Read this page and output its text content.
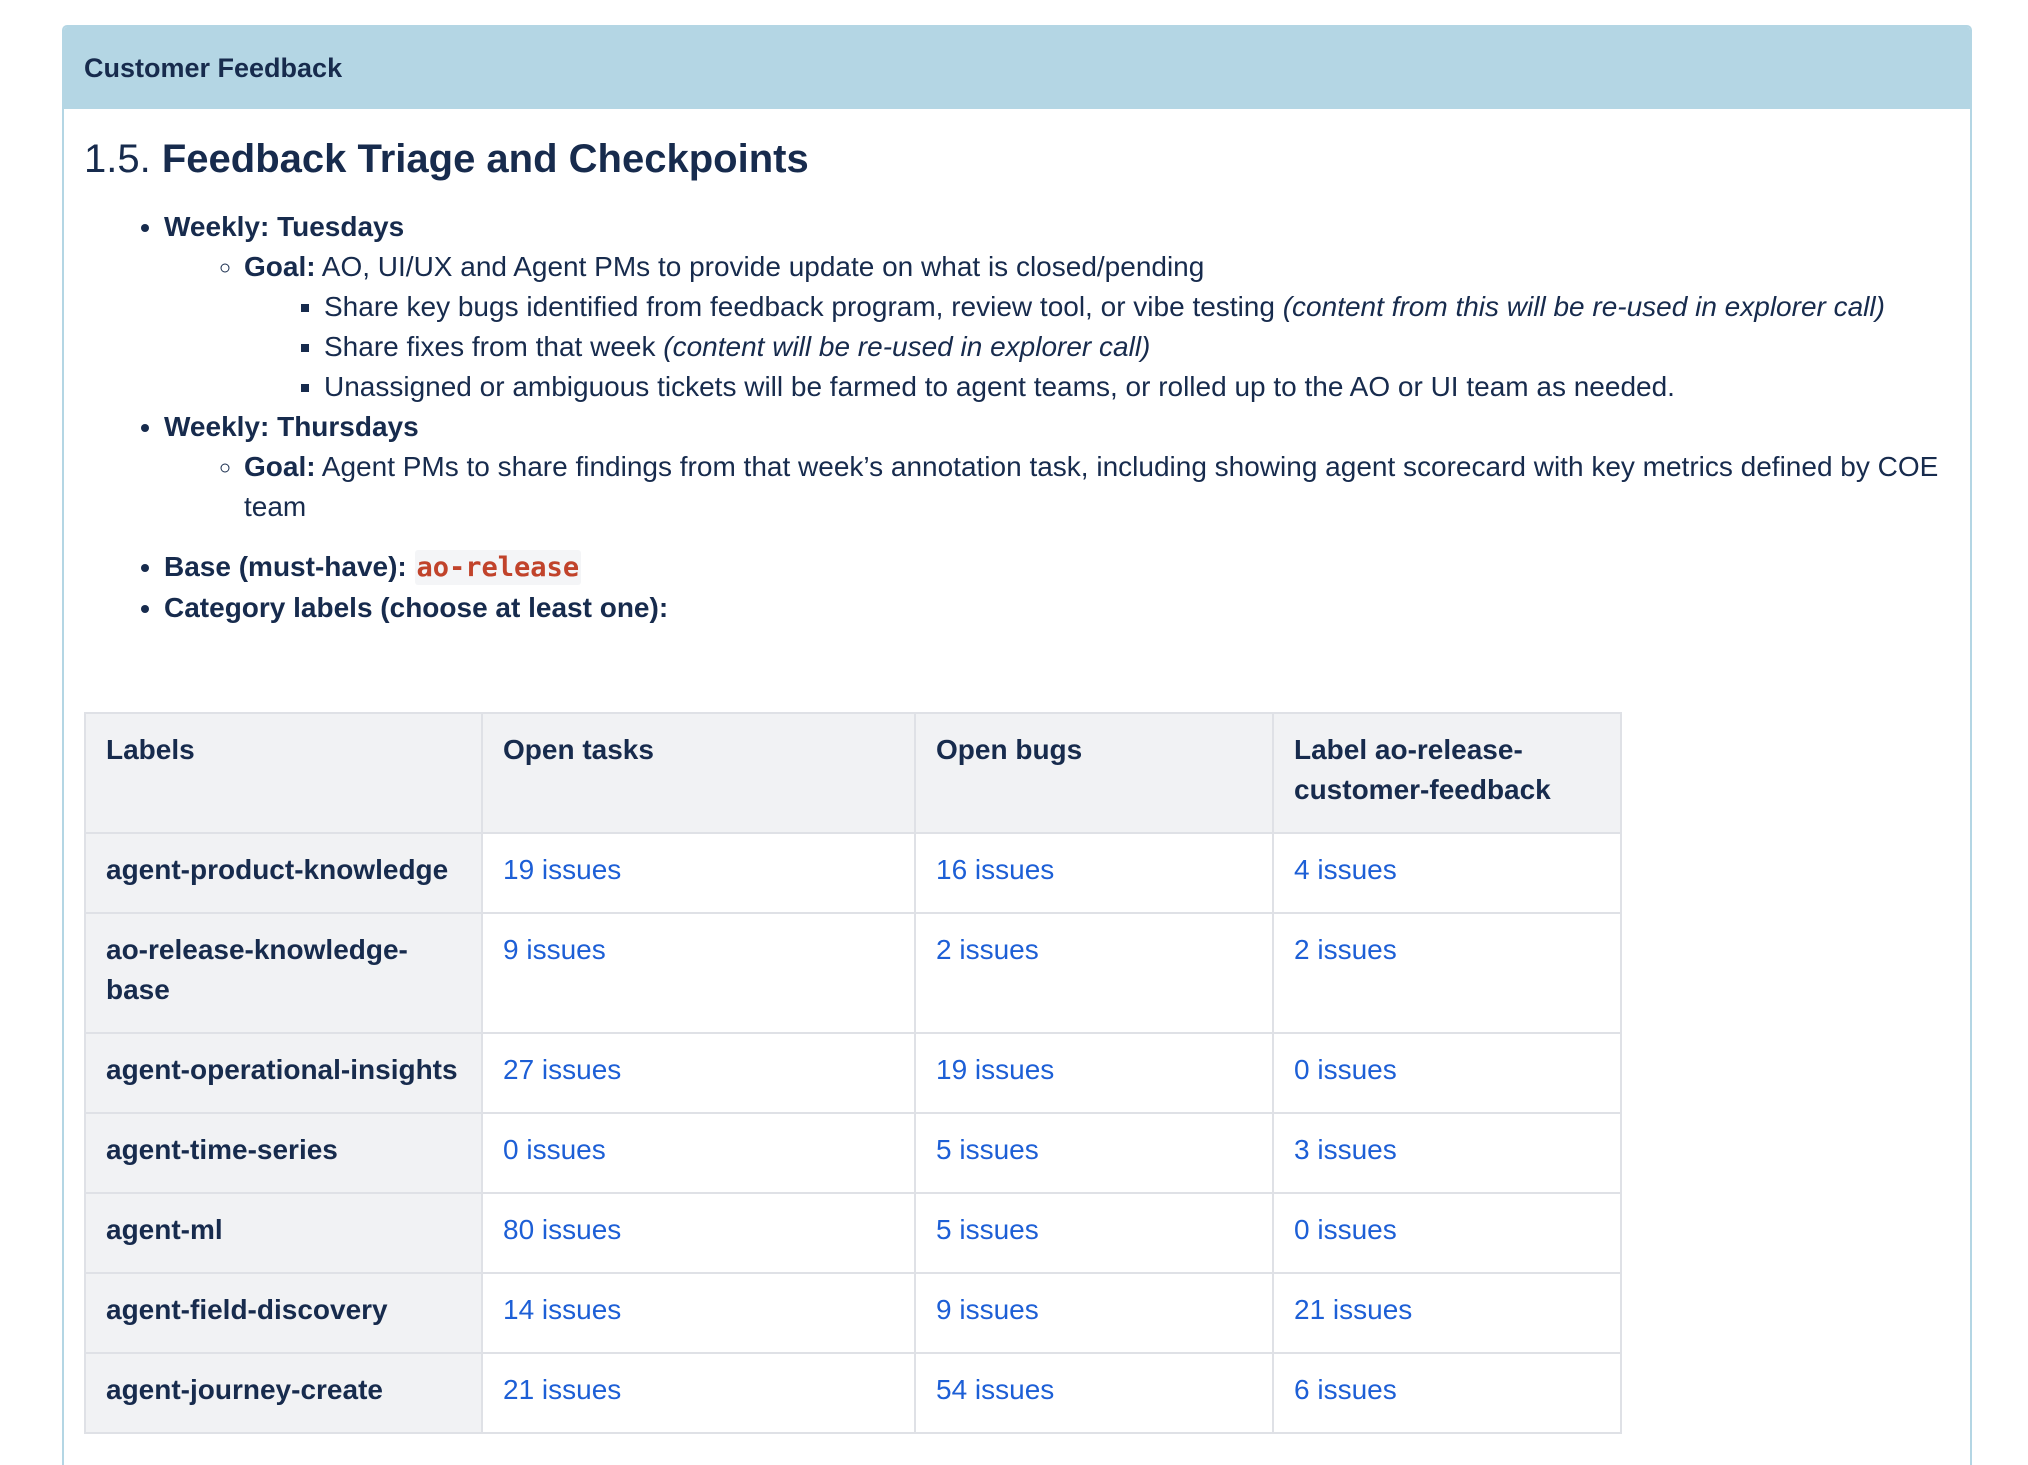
Customer Feedback
1.5. Feedback Triage and Checkpoints
• Weekly: Tuesdays
◦ Goal: AO, UI/UX and Agent PMs to provide update on what is closed/pending
▪ Share key bugs identified from feedback program, review tool, or vibe testing (content from this will be re-used in explorer call)
▪ Share fixes from that week (content will be re-used in explorer call)
▪ Unassigned or ambiguous tickets will be farmed to agent teams, or rolled up to the AO or UI team as needed.
• Weekly: Thursdays
◦ Goal: Agent PMs to share findings from that week’s annotation task, including showing agent scorecard with key metrics defined by COE team
• Base (must-have): ao-release
• Category labels (choose at least one):
Labels	Open tasks	Open bugs	Label ao-release-customer-feedback
agent-product-knowledge	19 issues	16 issues	4 issues
ao-release-knowledge-base	9 issues	2 issues	2 issues
agent-operational-insights	27 issues	19 issues	0 issues
agent-time-series	0 issues	5 issues	3 issues
agent-ml	80 issues	5 issues	0 issues
agent-field-discovery	14 issues	9 issues	21 issues
agent-journey-create	21 issues	54 issues	6 issues
